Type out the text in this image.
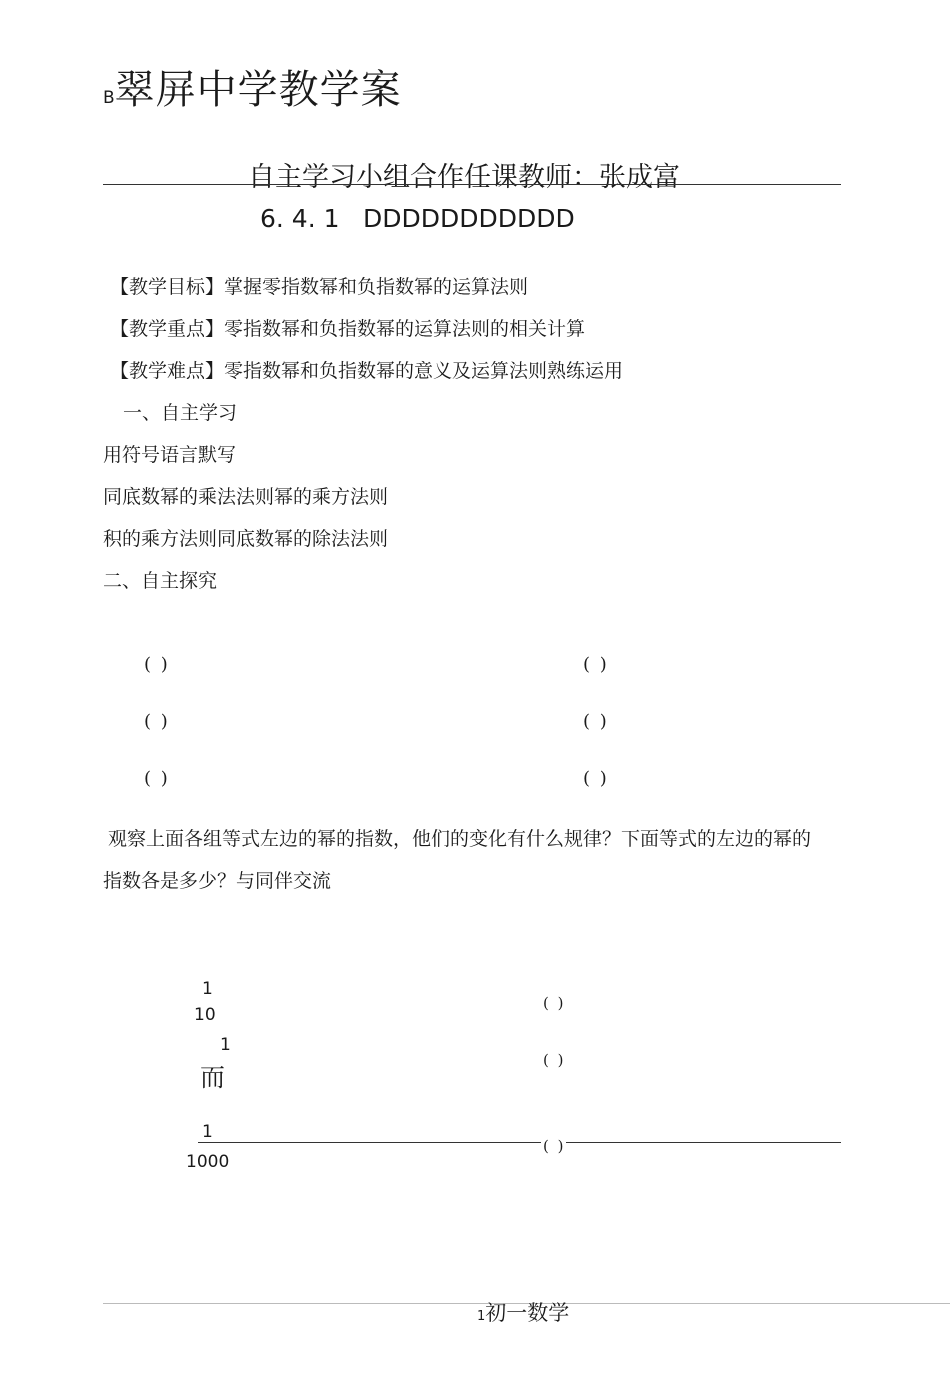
B翠屏中学教学案
自主学习小组合作任课教师：张成富
6. 4. 1 DDDDDDDDDDD
【教学目标】掌握零指数幂和负指数幂的运算法则
【教学重点】零指数幂和负指数幂的运算法则的相关计算
【教学难点】零指数幂和负指数幂的意义及运算法则熟练运用
一、自主学习
用符号语言默写
同底数幂的乘法法则幂的乘方法则
积的乘方法则同底数幂的除法法则
二、自主探究
( )
( )
( )
( )
( )
( )
观察上面各组等式左边的幂的指数，他们的变化有什么规律？下面等式的左边的幂的
指数各是多少？与同伴交流
1
10
( )
1
而
( )
1
( )
1000
1初一数学
